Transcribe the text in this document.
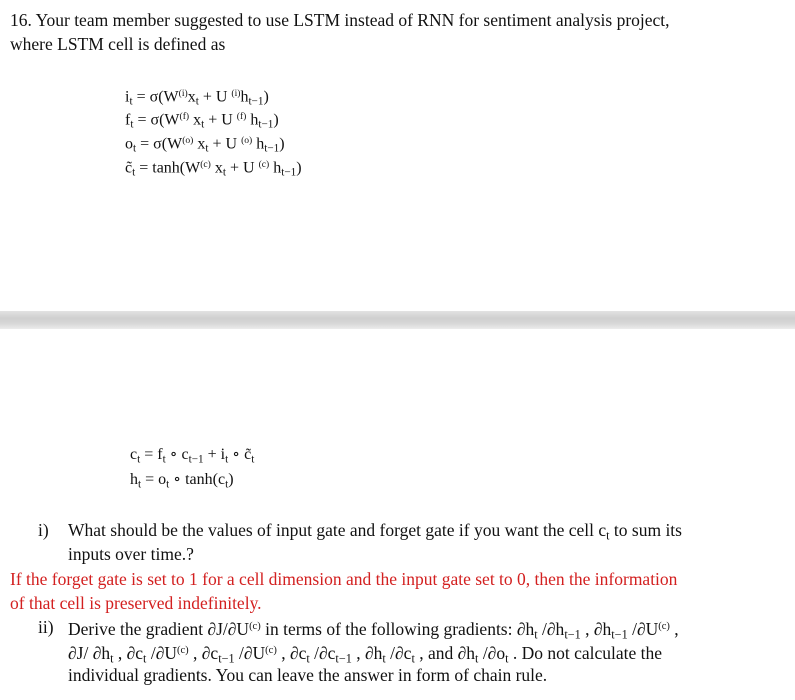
16. Your team member suggested to use LSTM instead of RNN for sentiment analysis project,
where LSTM cell is defined as
$i_t = \sigma(W^{(i)}x_t + U$ $^{(i)}h_{t-1}$)
$f_t = \sigma(W^{(f)}$ $x_t + U$ $^{(f)}$ $h_{t-1}$)
$o_t = \sigma(W^{(o)}$ $x_t + U$ $^{(o)}$ $h_{t-1}$)
$c̃_t = \tanh(W^{(c)}$ $x_t + U$ $^{(c)}$ $h_{t-1}$)
$c_t = f_t$ ∘ $c_{t-1} + i_t$ ∘ $c̃_t$
$h_t = o_t$ ∘ $\tanh(c_t)$
i) What should be the values of input gate and forget gate if you want the cell $c_t$ to sum its
inputs over time.?
If the forget gate is set to 1 for a cell dimension and the input gate set to 0, then the information
of that cell is preserved indefinitely.
ii) Derive the gradient $\partial J/\partial U^{(c)}$ in terms of the following gradients: $\partial h_t$ $/\partial h_{t-1}$ , $\partial h_{t-1}$ $/\partial U^{(c)}$ ,
∂J/ $\partial h_t$ , $\partial c_t$ $/\partial U^{(c)}$ , $\partial c_{t-1}$ $/\partial U^{(c)}$ , $\partial c_t$ $/\partial c_{t-1}$ , $\partial h_t$ $/\partial c_t$ , and $\partial h_t$ $/\partial o_t$ . Do not calculate the
individual gradients. You can leave the answer in form of chain rule.
